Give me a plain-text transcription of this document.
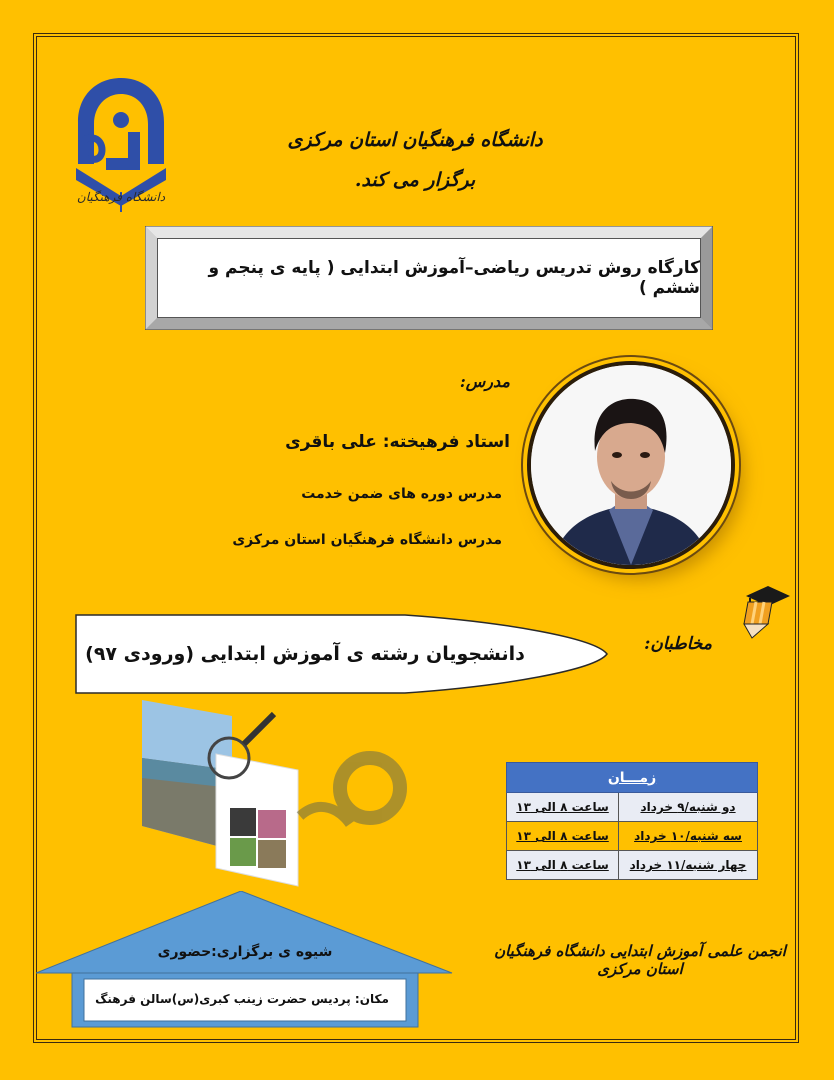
دانشگاه فرهنگیان
دانشگاه فرهنگیان استان مرکزی برگزار می کند.
کارگاه روش تدریس ریاضی–آموزش ابتدایی ( پایه ی پنجم و ششم )
مدرس:
استاد فرهیخته: علی باقری
مدرس دوره های ضمن خدمت
مدرس دانشگاه فرهنگیان استان مرکزی
دانشجویان رشته ی آموزش ابتدایی (ورودی ۹۷)	مخاطبان:
زمـــان	
دو شنبه/۹ خرداد	ساعت ۸ الی ۱۳
سه شنبه/۱۰ خرداد	ساعت ۸ الی ۱۳
چهار شنبه/۱۱ خرداد	ساعت ۸ الی ۱۳
شیوه ی برگزاری:حضوری
مکان: پردیس حضرت زینب کبری(س)سالن فرهنگ
انجمن علمی آموزش ابتدایی دانشگاه فرهنگیان استان مرکزی
